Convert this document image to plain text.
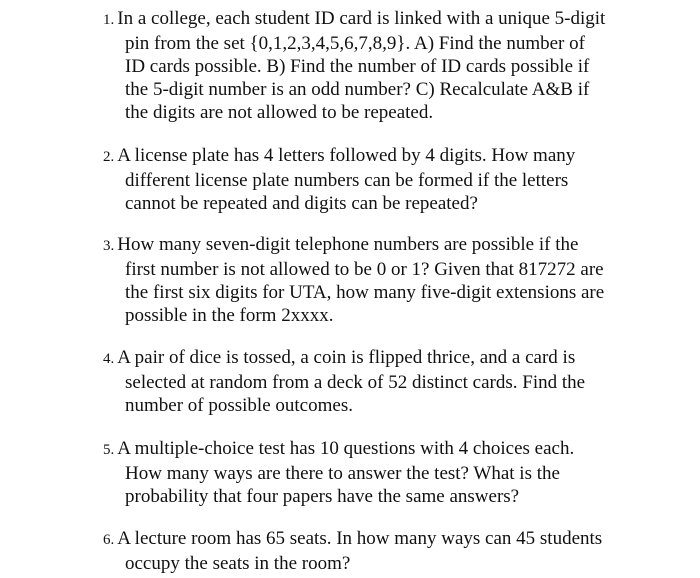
1. In a college, each student ID card is linked with a unique 5-digit
pin from the set {0,1,2,3,4,5,6,7,8,9}. A) Find the number of
ID cards possible. B) Find the number of ID cards possible if
the 5-digit number is an odd number? C) Recalculate A&B if
the digits are not allowed to be repeated.
2. A license plate has 4 letters followed by 4 digits. How many
different license plate numbers can be formed if the letters
cannot be repeated and digits can be repeated?
3. How many seven-digit telephone numbers are possible if the
first number is not allowed to be 0 or 1? Given that 817272 are
the first six digits for UTA, how many five-digit extensions are
possible in the form 2xxxx.
4. A pair of dice is tossed, a coin is flipped thrice, and a card is
selected at random from a deck of 52 distinct cards. Find the
number of possible outcomes.
5. A multiple-choice test has 10 questions with 4 choices each.
How many ways are there to answer the test? What is the
probability that four papers have the same answers?
6. A lecture room has 65 seats. In how many ways can 45 students
occupy the seats in the room?
